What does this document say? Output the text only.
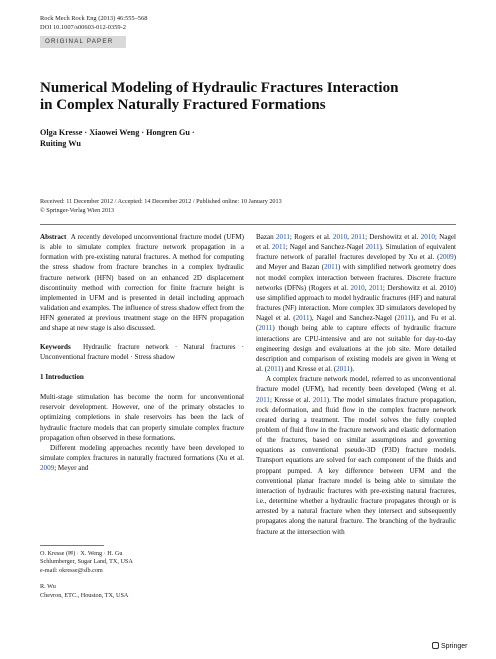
Rock Mech Rock Eng (2013) 46:555–568
DOI 10.1007/s00603-012-0359-2
ORIGINAL PAPER
Numerical Modeling of Hydraulic Fractures Interaction
in Complex Naturally Fractured Formations
Olga Kresse · Xiaowei Weng · Hongren Gu ·
Ruiting Wu
Received: 11 December 2012 / Accepted: 14 December 2012 / Published online: 10 January 2013
© Springer-Verlag Wien 2013

Abstract A recently developed unconventional fracture model (UFM) is able to simulate complex fracture network propagation in a formation with pre-existing natural fractures. A method for computing the stress shadow from fracture branches in a complex hydraulic fracture network (HFN) based on an enhanced 2D displacement discontinuity method with correction for finite fracture height is implemented in UFM and is presented in detail including approach validation and examples. The influence of stress shadow effect from the HFN generated at previous treatment stage on the HFN propagation and shape at new stage is also discussed.

Keywords Hydraulic fracture network · Natural fractures · Unconventional fracture model · Stress shadow

1 Introduction

Multi-stage stimulation has become the norm for unconventional reservoir development. However, one of the primary obstacles to optimizing completions in shale reservoirs has been the lack of hydraulic fracture models that can properly simulate complex fracture propagation often observed in these formations.

Different modeling approaches recently have been developed to simulate complex fractures in naturally fractured formations (Xu et al. 2009; Meyer and

O. Kresse (✉) · X. Weng · H. Gu

Schlumberger, Sugar Land, TX, USA

e-mail: okresse@slb.com

R. Wu

Chevron, ETC., Houston, TX, USA

Bazan 2011; Rogers et al. 2010, 2011; Dershowitz et al. 2010; Nagel et al. 2011; Nagel and Sanchez-Nagel 2011). Simulation of equivalent fracture network of parallel fractures developed by Xu et al. (2009) and Meyer and Bazan (2011) with simplified network geometry does not model complex interaction between fractures. Discrete fracture networks (DFNs) (Rogers et al. 2010, 2011; Dershowitz et al. 2010) use simplified approach to model hydraulic fractures (HF) and natural fractures (NF) interaction. More complex 3D simulators developed by Nagel et al. (2011), Nagel and Sanchez-Nagel (2011), and Fu et al. (2011) though being able to capture effects of hydraulic fracture interactions are CPU-intensive and are not suitable for day-to-day engineering design and evaluations at the job site. More detailed description and comparison of existing models are given in Weng et al. (2011) and Kresse et al. (2011).

A complex fracture network model, referred to as unconventional fracture model (UFM), had recently been developed (Weng et al. 2011; Kresse et al. 2011). The model simulates fracture propagation, rock deformation, and fluid flow in the complex fracture network created during a treatment. The model solves the fully coupled problem of fluid flow in the fracture network and elastic deformation of the fractures, based on similar assumptions and governing equations as conventional pseudo-3D (P3D) fracture models. Transport equations are solved for each component of the fluids and proppant pumped. A key difference between UFM and the conventional planar fracture model is being able to simulate the interaction of hydraulic fractures with pre-existing natural fractures, i.e., determine whether a hydraulic fracture propagates through or is arrested by a natural fracture when they intersect and subsequently propagates along the natural fracture. The branching of the hydraulic fracture at the intersection with

Springer
